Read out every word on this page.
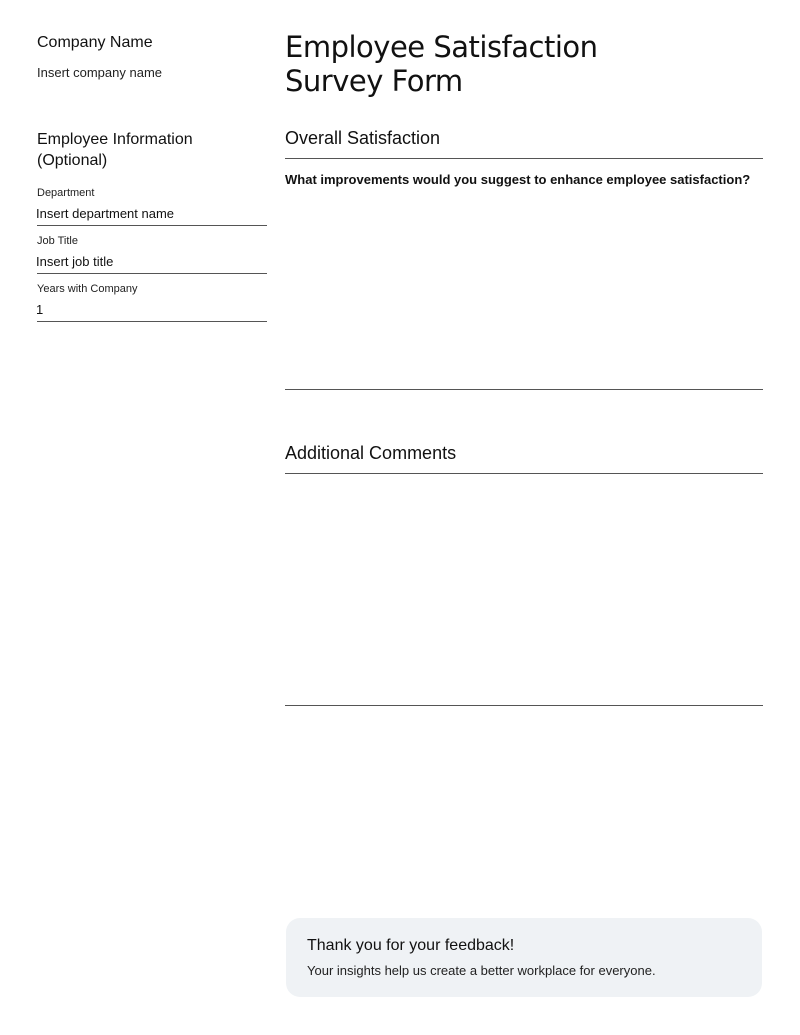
Company Name
Insert company name
Employee Information
(Optional)
Department
Insert department name
Job Title
Insert job title
Years with Company
1
Employee Satisfaction
Survey Form
Overall Satisfaction
What improvements would you suggest to enhance employee satisfaction?
Additional Comments
Thank you for your feedback!
Your insights help us create a better workplace for everyone.
